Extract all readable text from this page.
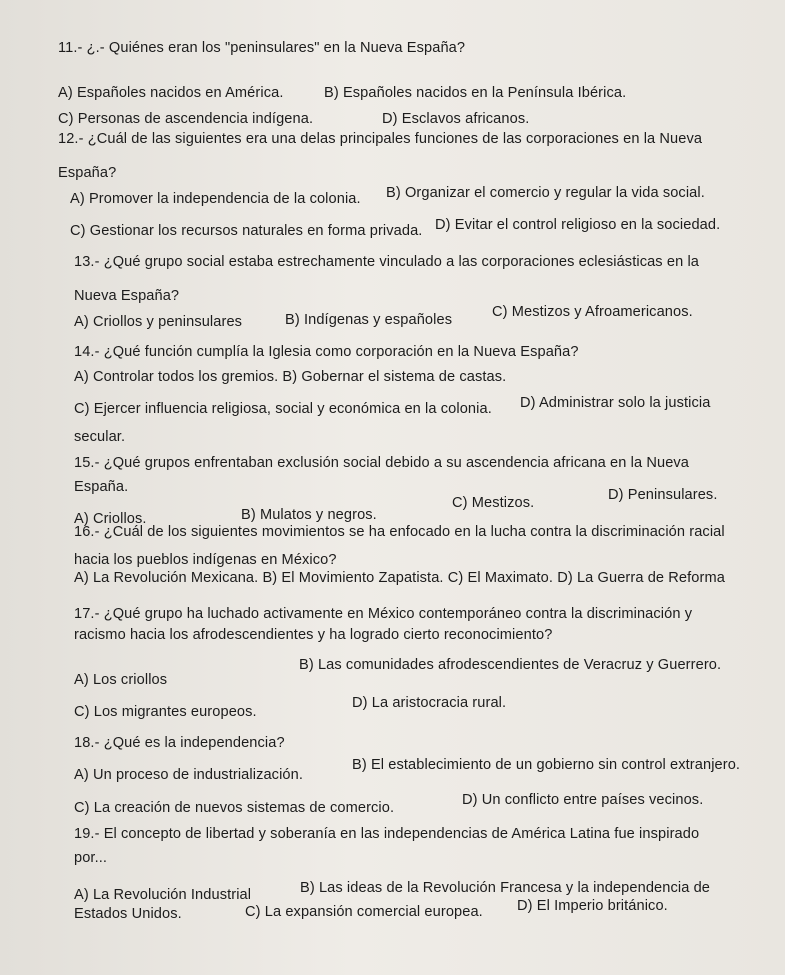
11.- ¿.- Quiénes eran los "peninsulares" en la Nueva España?
A) Españoles nacidos en América.	B) Españoles nacidos en la Península Ibérica.
C) Personas de ascendencia indígena.	D) Esclavos africanos.
12.- ¿Cuál de las siguientes era una delas principales funciones de las corporaciones en la Nueva
España?
A) Promover la independencia de la colonia. B) Organizar el comercio y regular la vida social.
C) Gestionar los recursos naturales en forma privada. D) Evitar el control religioso en la sociedad.
13.- ¿Qué grupo social estaba estrechamente vinculado a las corporaciones eclesiásticas en la
Nueva España?
A) Criollos y peninsulares	B) Indígenas y españoles	C) Mestizos y Afroamericanos.
14.- ¿Qué función cumplía la Iglesia como corporación en la Nueva España?
A) Controlar todos los gremios. B) Gobernar el sistema de castas.
C) Ejercer influencia religiosa, social y económica en la colonia. D) Administrar solo la justicia
secular.
15.- ¿Qué grupos enfrentaban exclusión social debido a su ascendencia africana en la Nueva
España.
A) Criollos.	B) Mulatos y negros.
C) Mestizos.	D) Peninsulares.
16.- ¿Cuál de los siguientes movimientos se ha enfocado en la lucha contra la discriminación racial
hacia los pueblos indígenas en México?
A) La Revolución Mexicana. B) El Movimiento Zapatista. C) El Maximato. D) La Guerra de Reforma
17.- ¿Qué grupo ha luchado activamente en México contemporáneo contra la discriminación y
racismo hacia los afrodescendientes y ha logrado cierto reconocimiento?
A) Los criollos
B) Las comunidades afrodescendientes de Veracruz y Guerrero.
C) Los migrantes europeos.
D) La aristocracia rural.
18.- ¿Qué es la independencia?
A) Un proceso de industrialización.
B) El establecimiento de un gobierno sin control extranjero.
C) La creación de nuevos sistemas de comercio.	D) Un conflicto entre países vecinos.
19.- El concepto de libertad y soberanía en las independencias de América Latina fue inspirado
por...
A) La Revolución Industrial	B) Las ideas de la Revolución Francesa y la independencia de
Estados Unidos.	C) La expansión comercial europea. D) El Imperio británico.
